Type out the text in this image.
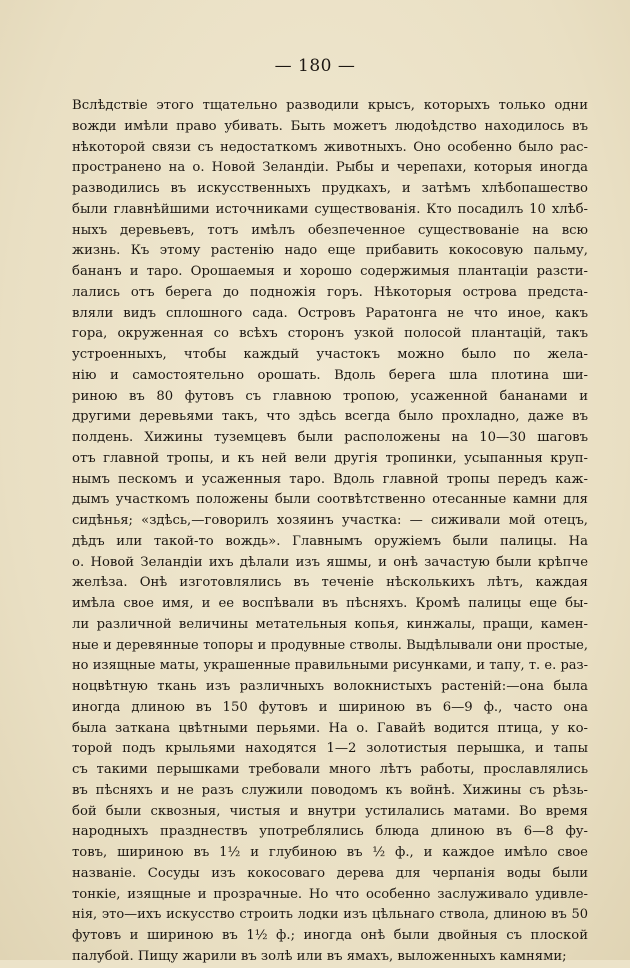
— 180 —
Вслѣдствіе этого тщательно разводили крысъ, которыхъ только одни
вожди имѣли право убивать. Быть можетъ людоѣдство находилось въ
нѣкоторой связи съ недостаткомъ животныхъ. Оно особенно было рас-
пространено на о. Новой Зеландіи. Рыбы и черепахи, которыя иногда
разводились въ искусственныхъ прудкахъ, и затѣмъ хлѣбопашество
были главнѣйшими источниками существованія. Кто посадилъ 10 хлѣб-
ныхъ деревьевъ, тотъ имѣлъ обезпеченное существованіе на всю
жизнь. Къ этому растенію надо еще прибавить кокосовую пальму,
бананъ и таро. Орошаемыя и хорошо содержимыя плантаціи разсти-
лались отъ берега до подножія горъ. Нѣкоторыя острова предста-
вляли видъ сплошного сада. Островъ Раратонга не что иное, какъ
гора, окруженная со всѣхъ сторонъ узкой полосой плантацій, такъ
устроенныхъ, чтобы каждый участокъ можно было по жела-
нію и самостоятельно орошать. Вдоль берега шла плотина ши-
риною въ 80 футовъ съ главною тропою, усаженной бананами и
другими деревьями такъ, что здѣсь всегда было прохладно, даже въ
полдень. Хижины туземцевъ были расположены на 10—30 шаговъ
отъ главной тропы, и къ ней вели другія тропинки, усыпанныя круп-
нымъ пескомъ и усаженныя таро. Вдоль главной тропы передъ каж-
дымъ участкомъ положены были соотвѣтственно отесанные камни для
сидѣнья; «здѣсь,—говорилъ хозяинъ участка: — сиживали мой отецъ,
дѣдъ или такой-то вождь». Главнымъ оружіемъ были палицы. На
о. Новой Зеландіи ихъ дѣлали изъ яшмы, и онѣ зачастую были крѣпче
желѣза. Онѣ изготовлялись въ теченіе нѣсколькихъ лѣтъ, каждая
имѣла свое имя, и ее воспѣвали въ пѣсняхъ. Кромѣ палицы еще бы-
ли различной величины метательныя копья, кинжалы, пращи, камен-
ные и деревянные топоры и продувные стволы. Выдѣлывали они простые,
но изящные маты, украшенные правильными рисунками, и тапу, т. е. раз-
ноцвѣтную ткань изъ различныхъ волокнистыхъ растеній:—она была
иногда длиною въ 150 футовъ и шириною въ 6—9 ф., часто она
была заткана цвѣтными перьями. На о. Гавайѣ водится птица, у ко-
торой подъ крыльями находятся 1—2 золотистыя перышка, и тапы
съ такими перышками требовали много лѣтъ работы, прославлялись
въ пѣсняхъ и не разъ служили поводомъ къ войнѣ. Хижины съ рѣзь-
бой были сквозныя, чистыя и внутри устилались матами. Во время
народныхъ празднествъ употреблялись блюда длиною въ 6—8 фу-
товъ, шириною въ 1½ и глубиною въ ½ ф., и каждое имѣло свое
названіе. Сосуды изъ кокосоваго дерева для черпанія воды были
тонкіе, изящные и прозрачные. Но что особенно заслуживало удивле-
нія, это—ихъ искусство строить лодки изъ цѣльнаго ствола, длиною въ 50
футовъ и шириною въ 1½ ф.; иногда онѣ были двойныя съ плоской
палубой. Пищу жарили въ золѣ или въ ямахъ, выложенныхъ камнями;
